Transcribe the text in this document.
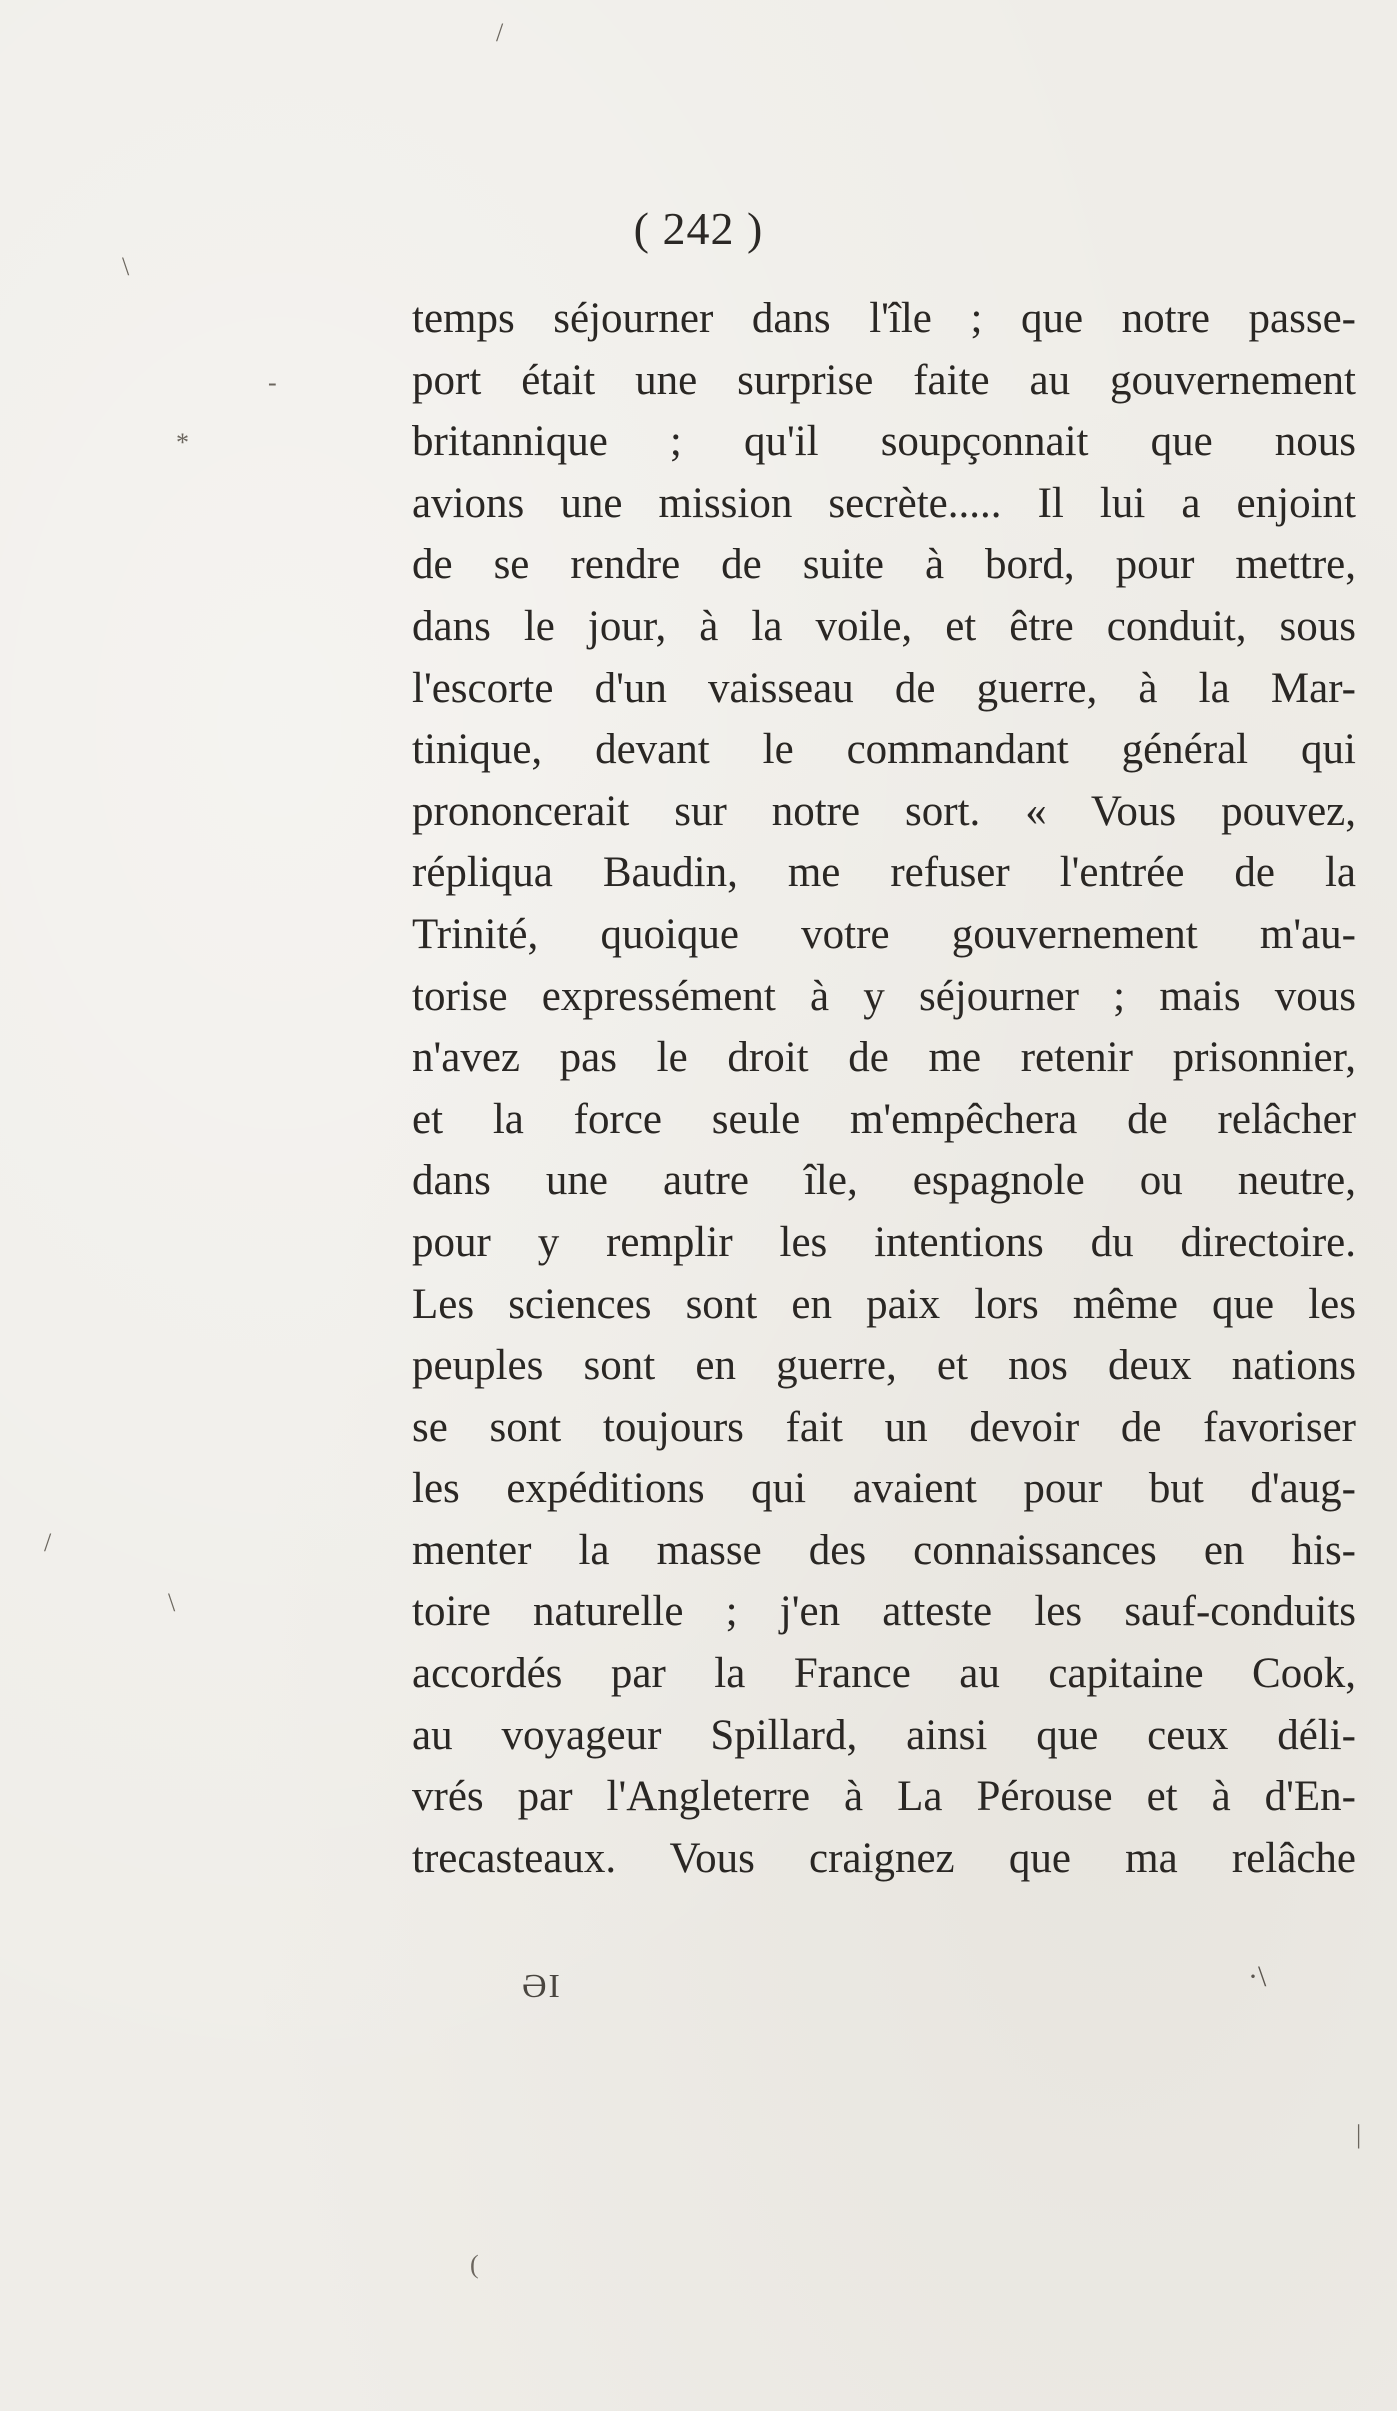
( 242 )
temps séjourner dans l'île ; que notre passe-
port était une surprise faite au gouvernement
britannique ; qu'il soupçonnait que nous
avions une mission secrète..... Il lui a enjoint
de se rendre de suite à bord, pour mettre,
dans le jour, à la voile, et être conduit, sous
l'escorte d'un vaisseau de guerre, à la Mar-
tinique, devant le commandant général qui
prononcerait sur notre sort. « Vous pouvez,
répliqua Baudin, me refuser l'entrée de la
Trinité, quoique votre gouvernement m'au-
torise expressément à y séjourner ; mais vous
n'avez pas le droit de me retenir prisonnier,
et la force seule m'empêchera de relâcher
dans une autre île, espagnole ou neutre,
pour y remplir les intentions du directoire.
Les sciences sont en paix lors même que les
peuples sont en guerre, et nos deux nations
se sont toujours fait un devoir de favoriser
les expéditions qui avaient pour but d'aug-
menter la masse des connaissances en his-
toire naturelle ; j'en atteste les sauf-conduits
accordés par la France au capitaine Cook,
au voyageur Spillard, ainsi que ceux déli-
vrés par l'Angleterre à La Pérouse et à d'En-
trecasteaux. Vous craignez que ma relâche
ƏI	·\
/
\
-
*
/
\
|
(
